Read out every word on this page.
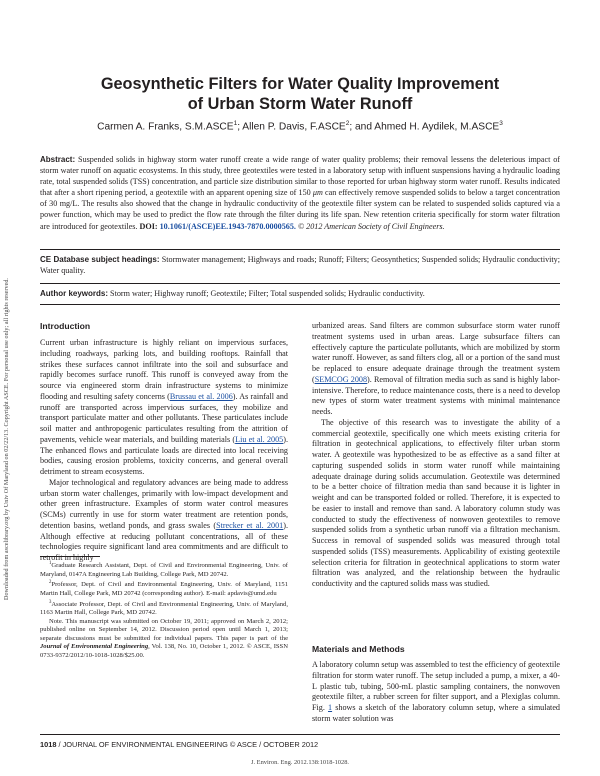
Downloaded from ascelibrary.org by Univ Of Maryland on 02/22/13. Copyright ASCE. For personal use only; all rights reserved.
Geosynthetic Filters for Water Quality Improvement
of Urban Storm Water Runoff
Carmen A. Franks, S.M.ASCE$^1$; Allen P. Davis, F.ASCE$^2$; and Ahmed H. Aydilek, M.ASCE$^3$
Abstract: Suspended solids in highway storm water runoff create a wide range of water quality problems; their removal lessens the deleterious impact of storm water runoff on aquatic ecosystems. In this study, three geotextiles were tested in a laboratory setup with influent suspensions having a hydraulic loading rate, total suspended solids (TSS) concentration, and particle size distribution similar to those reported for urban highway storm water runoff. Results indicated that after a short ripening period, a geotextile with an apparent opening size of 150 μm can effectively remove suspended solids to below a target concentration of 30 mg/L. The results also showed that the change in hydraulic conductivity of the geotextile filter system can be related to suspended solids captured via a power function, which may be used to predict the flow rate through the filter during its life span. New retention criteria specifically for storm water filtration are introduced for geotextiles. DOI: 10.1061/(ASCE)EE.1943-7870.0000565. © 2012 American Society of Civil Engineers.
CE Database subject headings: Stormwater management; Highways and roads; Runoff; Filters; Geosynthetics; Suspended solids; Hydraulic conductivity; Water quality.
Author keywords: Storm water; Highway runoff; Geotextile; Filter; Total suspended solids; Hydraulic conductivity.
Introduction

Current urban infrastructure is highly reliant on impervious surfaces, including roadways, parking lots, and building rooftops. Rainfall that strikes these surfaces cannot infiltrate into the soil and subsurface and rapidly becomes surface runoff. This runoff is conveyed away from the source via engineered storm drain infrastructure systems to minimize flooding and resulting safety concerns (Brussau et al. 2006). As rainfall and runoff are transported across impervious surfaces, they mobilize and transport particulate matter and other pollutants. These particulates include soil matter and anthropogenic particulates resulting from the attrition of pavements, vehicle wear materials, and building materials (Liu et al. 2005). The enhanced flows and particulate loads are directed into local receiving bodies, causing erosion problems, toxicity concerns, and general overall detriment to stream ecosystems.

Major technological and regulatory advances are being made to address urban storm water challenges, primarily with low-impact development and other green infrastructure. Examples of storm water control measures (SCMs) currently in use for storm water treatment are retention ponds, detention basins, wetland ponds, and grass swales (Strecker et al. 2001). Although effective at reducing pollutant concentrations, all of these technologies require significant land area commitments and are difficult to retrofit in highly

$^1$Graduate Research Assistant, Dept. of Civil and Environmental Engineering, Univ. of Maryland, 0147A Engineering Lab Building, College Park, MD 20742.

$^2$Professor, Dept. of Civil and Environmental Engineering, Univ. of Maryland, 1151 Martin Hall, College Park, MD 20742 (corresponding author). E-mail: apdavis@umd.edu

$^3$Associate Professor, Dept. of Civil and Environmental Engineering, Univ. of Maryland, 1163 Martin Hall, College Park, MD 20742.

Note. This manuscript was submitted on October 19, 2011; approved on March 2, 2012; published online on September 14, 2012. Discussion period open until March 1, 2013; separate discussions must be submitted for individual papers. This paper is part of the Journal of Environmental Engineering, Vol. 138, No. 10, October 1, 2012. © ASCE, ISSN 0733-9372/2012/10-1018-1028/$25.00.

urbanized areas. Sand filters are common subsurface storm water runoff treatment systems used in urban areas. Large subsurface filters can effectively capture the particulate pollutants, which are mobilized by storm water runoff. However, as sand filters clog, all or a portion of the sand must be replaced to ensure adequate drainage through the treatment system (SEMCOG 2008). Removal of filtration media such as sand is highly labor-intensive. Therefore, to reduce maintenance costs, there is a need to develop new types of storm water treatment systems with minimal maintenance needs.

The objective of this research was to investigate the ability of a commercial geotextile, specifically one which meets existing criteria for filtration in geotechnical applications, to effectively filter urban storm water. A geotextile was hypothesized to be as effective as a sand filter at capturing suspended solids in storm water runoff while maintaining adequate drainage during solids accumulation. Geotextile was determined to be a better choice of filtration media than sand because it is lighter in weight and can be transported folded or rolled. Therefore, it is expected to be easier to install and remove than sand. A laboratory column study was conducted to study the effectiveness of nonwoven geotextiles to remove suspended solids from a synthetic urban runoff via a filtration mechanism. Success in removal of suspended solids was measured through total suspended solids (TSS) measurements. Applicability of existing geotextile selection criteria for filtration in geotechnical applications to storm water filtration was analyzed, and the relationship between the hydraulic conductivity and the captured solids mass was studied.

Materials and Methods

A laboratory column setup was assembled to test the efficiency of geotextile filtration for storm water runoff. The setup included a pump, a mixer, a 40-L plastic tub, tubing, 500-mL plastic sampling containers, the nonwoven geotextile filter, a rubber screen for filter support, and a Plexiglas column. Fig. 1 shows a sketch of the laboratory column setup, where a simulated storm water solution was

1018 / JOURNAL OF ENVIRONMENTAL ENGINEERING © ASCE / OCTOBER 2012
J. Environ. Eng. 2012.138:1018-1028.
